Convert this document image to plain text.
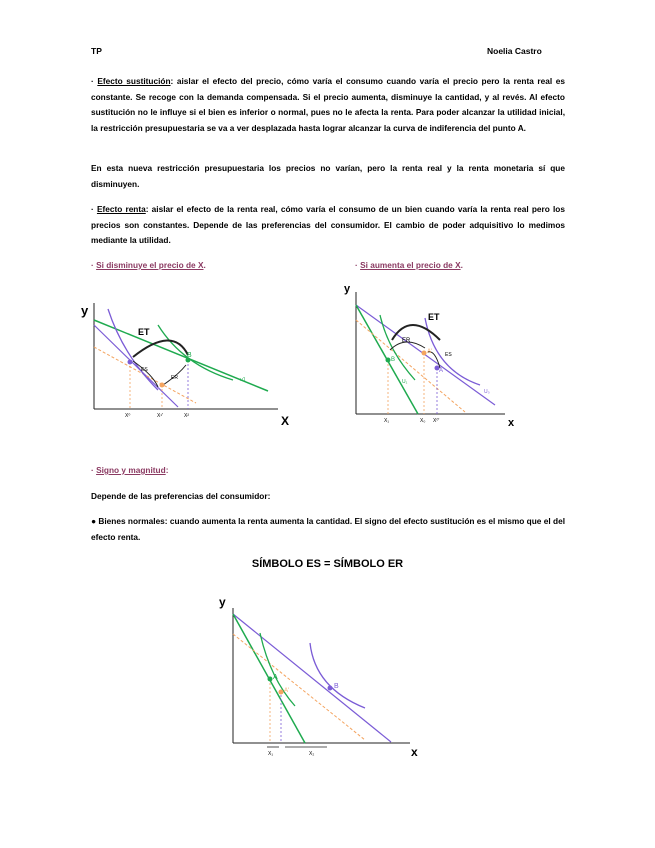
TP	Noelia Castro
· Efecto sustitución: aislar el efecto del precio, cómo varía el consumo cuando varía el precio pero la renta real es constante. Se recoge con la demanda compensada. Si el precio aumenta, disminuye la cantidad, y al revés. Al efecto sustitución no le influye si el bien es inferior o normal, pues no le afecta la renta. Para poder alcanzar la utilidad inicial, la restricción presupuestaria se va a ver desplazada hasta lograr alcanzar la curva de indiferencia del punto A.
En esta nueva restricción presupuestaria los precios no varían, pero la renta real y la renta monetaria sí que disminuyen.
· Efecto renta: aislar el efecto de la renta real, cómo varía el consumo de un bien cuando varía la renta real pero los precios son constantes. Depende de las preferencias del consumidor. El cambio de poder adquisitivo lo medimos mediante la utilidad.
· Si disminuye el precio de X.	· Si aumenta el precio de X.
y
X
ET
ES
ER
B
u1
X⁰	X¹'	X²
y
x
ET
ER
ES
B
A
A'
U₀
U₁
X₁	X₀ X⁰'
· Signo y magnitud:
Depende de las preferencias del consumidor:
● Bienes normales: cuando aumenta la renta aumenta la cantidad. El signo del efecto sustitución es el mismo que el del efecto renta.
SÍMBOLO ES = SÍMBOLO ER
y
x
A
A'
B
X₁	X₂
